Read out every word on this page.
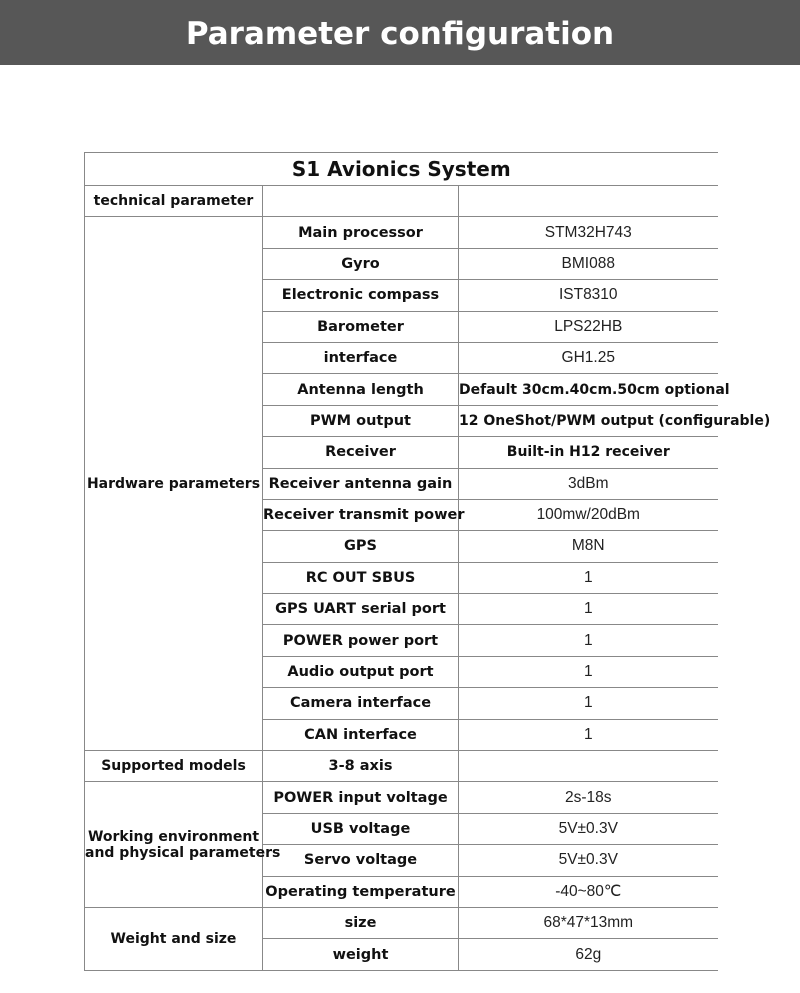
Parameter configuration
S1 Avionics System		
technical parameter		
Hardware parameters	Main processor	STM32H743
	Gyro	BMI088
	Electronic compass	IST8310
	Barometer	LPS22HB
	interface	GH1.25
	Antenna length	Default 30cm.40cm.50cm optional
	PWM output	12 OneShot/PWM output (configurable)
	Receiver	Built-in H12 receiver
	Receiver antenna gain	3dBm
	Receiver transmit power	100mw/20dBm
	GPS	M8N
	RC OUT SBUS	1
	GPS UART serial port	1
	POWER power port	1
	Audio output port	1
	Camera interface	1
	CAN interface	1
Supported models	3-8 axis	

Working environment
and physical parameters	POWER input voltage	2s-18s
	USB voltage	5V±0.3V
	Servo voltage	5V±0.3V
	Operating temperature	-40~80℃
Weight and size	size	68*47*13mm
	weight	62g
